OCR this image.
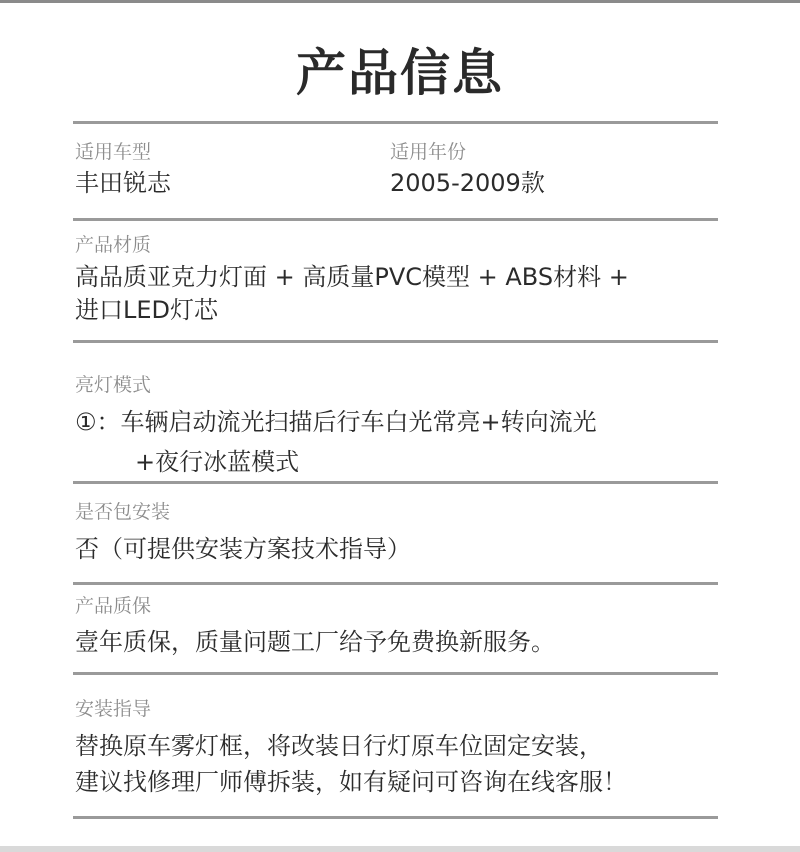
产品信息
适用车型
丰田锐志
适用年份
2005-2009款
产品材质
高品质亚克力灯面 + 高质量PVC模型 + ABS材料 +
进口LED灯芯
亮灯模式
①：车辆启动流光扫描后行车白光常亮+转向流光
+夜行冰蓝模式
是否包安装
否（可提供安装方案技术指导）
产品质保
壹年质保，质量问题工厂给予免费换新服务。
安装指导
替换原车雾灯框，将改装日行灯原车位固定安装，
建议找修理厂师傅拆装，如有疑问可咨询在线客服！
